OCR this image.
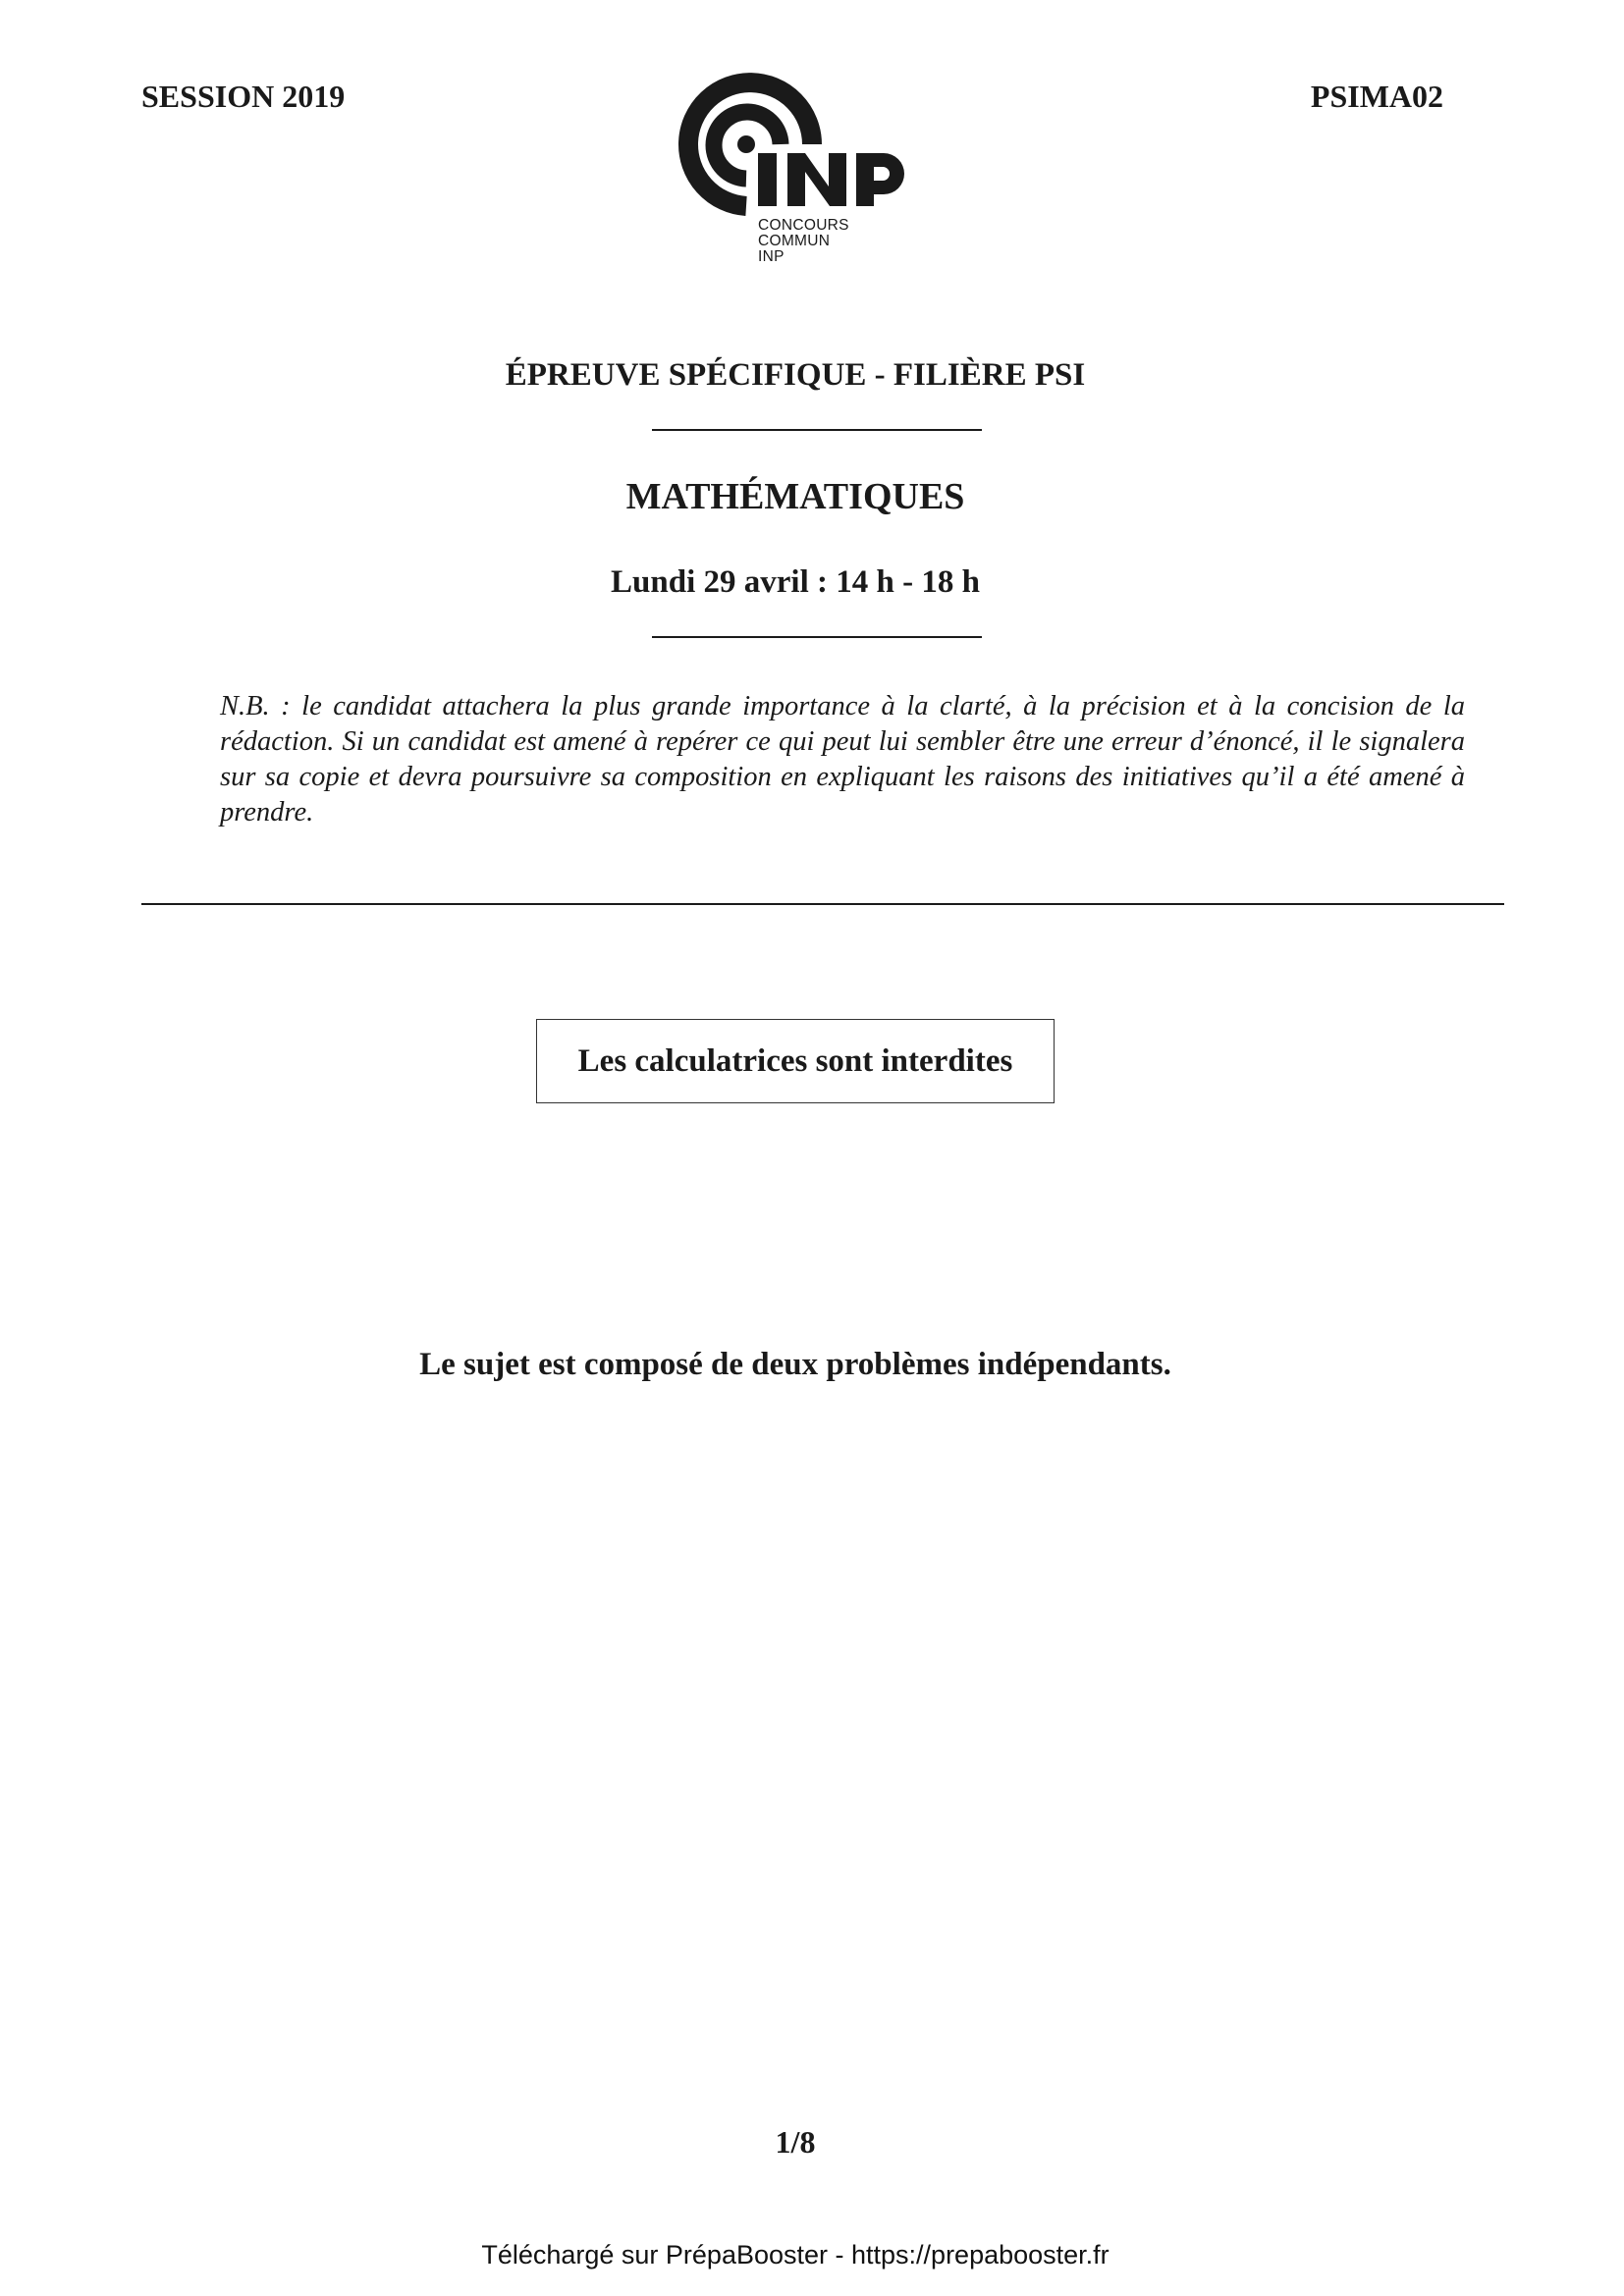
SESSION 2019	PSIMA02
CONCOURS
COMMUN
INP
ÉPREUVE SPÉCIFIQUE - FILIÈRE PSI
MATHÉMATIQUES
Lundi 29 avril : 14 h - 18 h
N.B. : le candidat attachera la plus grande importance à la clarté, à la précision et à la concision de la rédaction. Si un candidat est amené à repérer ce qui peut lui sembler être une erreur d’énoncé, il le signalera sur sa copie et devra poursuivre sa composition en expliquant les raisons des initiatives qu’il a été amené à prendre.
Les calculatrices sont interdites
Le sujet est composé de deux problèmes indépendants.
1/8
Téléchargé sur PrépaBooster - https://prepabooster.fr
